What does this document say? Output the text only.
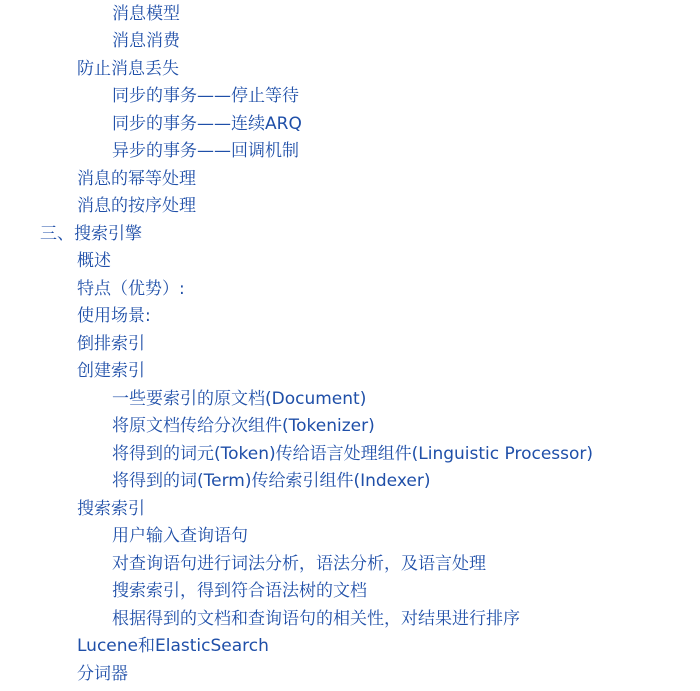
消息模型
消息消费
防止消息丢失
同步的事务——停止等待
同步的事务——连续ARQ
异步的事务——回调机制
消息的幂等处理
消息的按序处理
三、搜索引擎
概述
特点（优势）:
使用场景:
倒排索引
创建索引
一些要索引的原文档(Document)
将原文档传给分次组件(Tokenizer)
将得到的词元(Token)传给语言处理组件(Linguistic Processor)
将得到的词(Term)传给索引组件(Indexer)
搜索索引
用户输入查询语句
对查询语句进行词法分析，语法分析，及语言处理
搜索索引，得到符合语法树的文档
根据得到的文档和查询语句的相关性，对结果进行排序
Lucene和ElasticSearch
分词器
